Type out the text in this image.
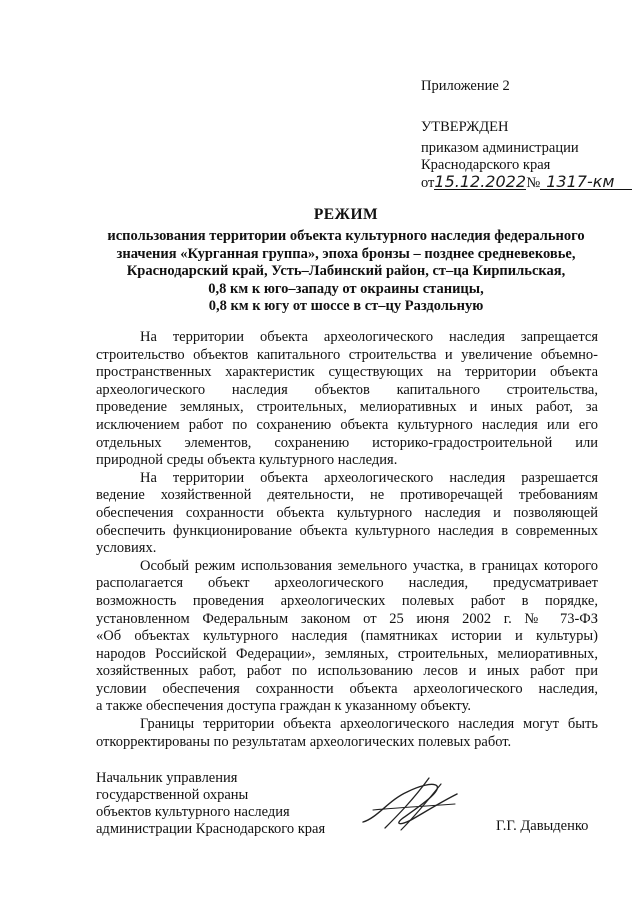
Приложение 2
УТВЕРЖДЕН
приказом администрации
Краснодарского края
от15.12.2022№ 1317-км
РЕЖИМ
использования территории объекта культурного наследия федерального
значения «Курганная группа», эпоха бронзы – позднее средневековье,
Краснодарский край, Усть–Лабинский район, ст–ца Кирпильская,
0,8 км к юго–западу от окраины станицы,
0,8 км к югу от шоссе в ст–цу Раздольную
На территории объекта археологического наследия запрещается
строительство объектов капитального строительства и увеличение объемно-
пространственных характеристик существующих на территории объекта
археологического наследия объектов капитального строительства,
проведение земляных, строительных, мелиоративных и иных работ, за
исключением работ по сохранению объекта культурного наследия или его
отдельных элементов, сохранению историко-градостроительной или
природной среды объекта культурного наследия.
На территории объекта археологического наследия разрешается
ведение хозяйственной деятельности, не противоречащей требованиям
обеспечения сохранности объекта культурного наследия и позволяющей
обеспечить функционирование объекта культурного наследия в современных
условиях.
Особый режим использования земельного участка, в границах которого
располагается объект археологического наследия, предусматривает
возможность проведения археологических полевых работ в порядке,
установленном Федеральным законом от 25 июня 2002 г. № 73-ФЗ
«Об объектах культурного наследия (памятниках истории и культуры)
народов Российской Федерации», земляных, строительных, мелиоративных,
хозяйственных работ, работ по использованию лесов и иных работ при
условии обеспечения сохранности объекта археологического наследия,
а также обеспечения доступа граждан к указанному объекту.
Границы территории объекта археологического наследия могут быть
откорректированы по результатам археологических полевых работ.
Начальник управления
государственной охраны
объектов культурного наследия
администрации Краснодарского края	Г.Г. Давыденко
